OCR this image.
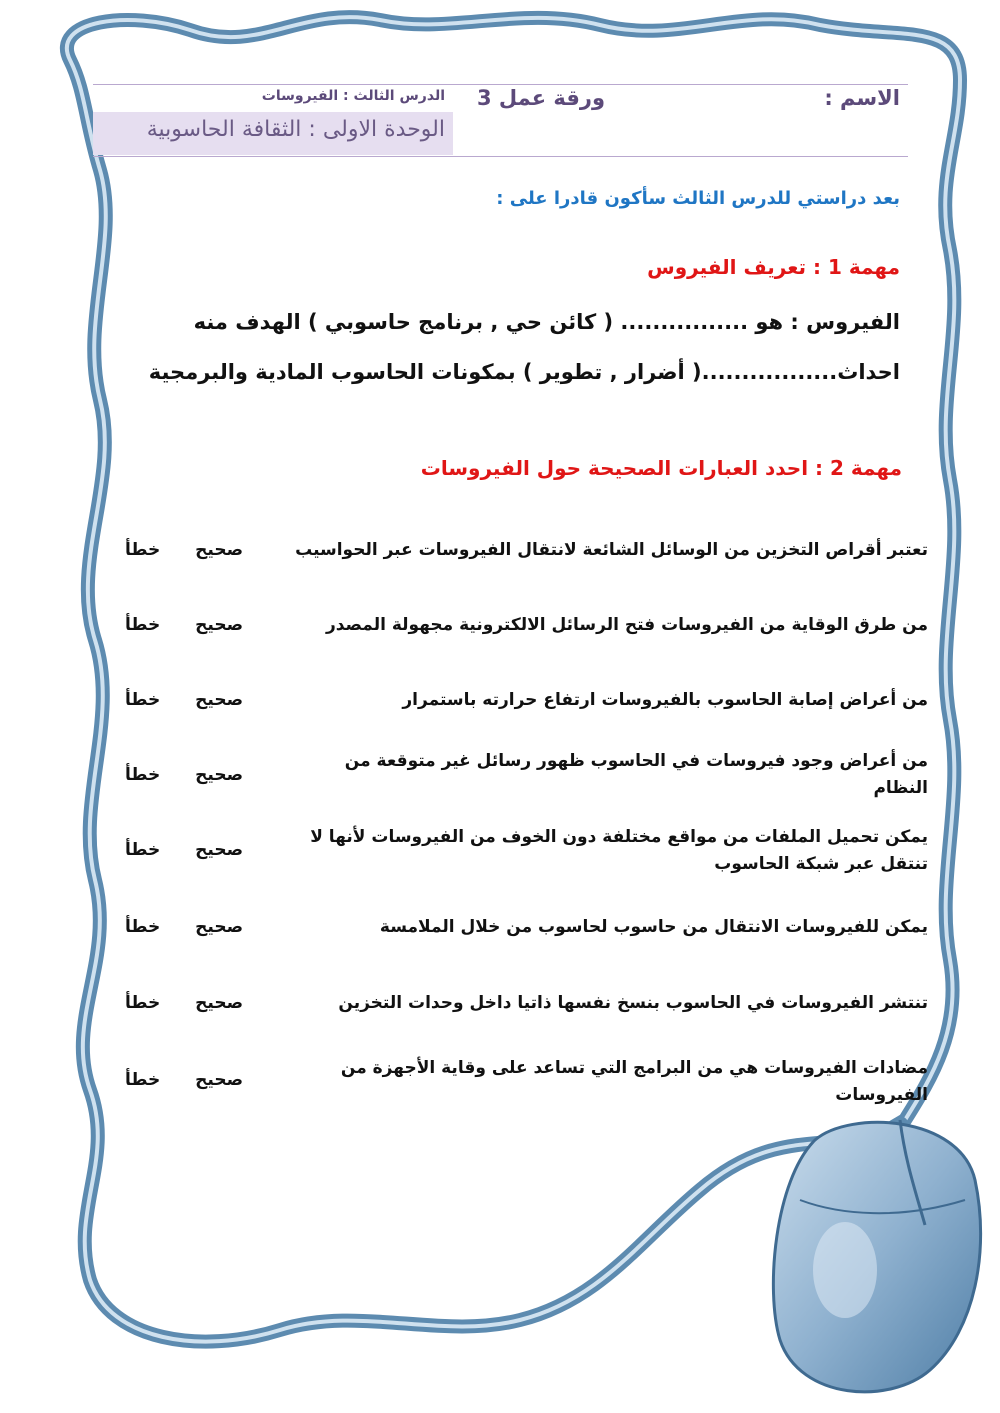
الاسم :
ورقة عمل 3
الدرس الثالث : الفيروسات
الوحدة الاولى : الثقافة الحاسوبية
بعد دراستي للدرس الثالث سأكون قادرا على :
مهمة 1 : تعريف الفيروس
الفيروس : هو ................ ( كائن حي , برنامج حاسوبي ) الهدف منه
احداث.................( أضرار , تطوير ) بمكونات الحاسوب المادية والبرمجية
مهمة 2 : احدد العبارات الصحيحة حول الفيروسات
تعتبر أقراص التخزين من الوسائل الشائعة لانتقال الفيروسات عبر الحواسيب
صحيح
خطأ
من طرق الوقاية من الفيروسات فتح الرسائل الالكترونية مجهولة المصدر
صحيح
خطأ
من أعراض إصابة الحاسوب بالفيروسات ارتفاع حرارته باستمرار
صحيح
خطأ
من أعراض وجود فيروسات في الحاسوب ظهور رسائل غير متوقعة من النظام
صحيح
خطأ
يمكن تحميل الملفات من مواقع مختلفة دون الخوف من الفيروسات لأنها لا تنتقل عبر شبكة الحاسوب
صحيح
خطأ
يمكن للفيروسات الانتقال من حاسوب لحاسوب من خلال الملامسة
صحيح
خطأ
تنتشر الفيروسات في الحاسوب بنسخ نفسها ذاتيا داخل وحدات التخزين
صحيح
خطأ
مضادات الفيروسات هي من البرامج التي تساعد على وقاية الأجهزة من الفيروسات
صحيح
خطأ
